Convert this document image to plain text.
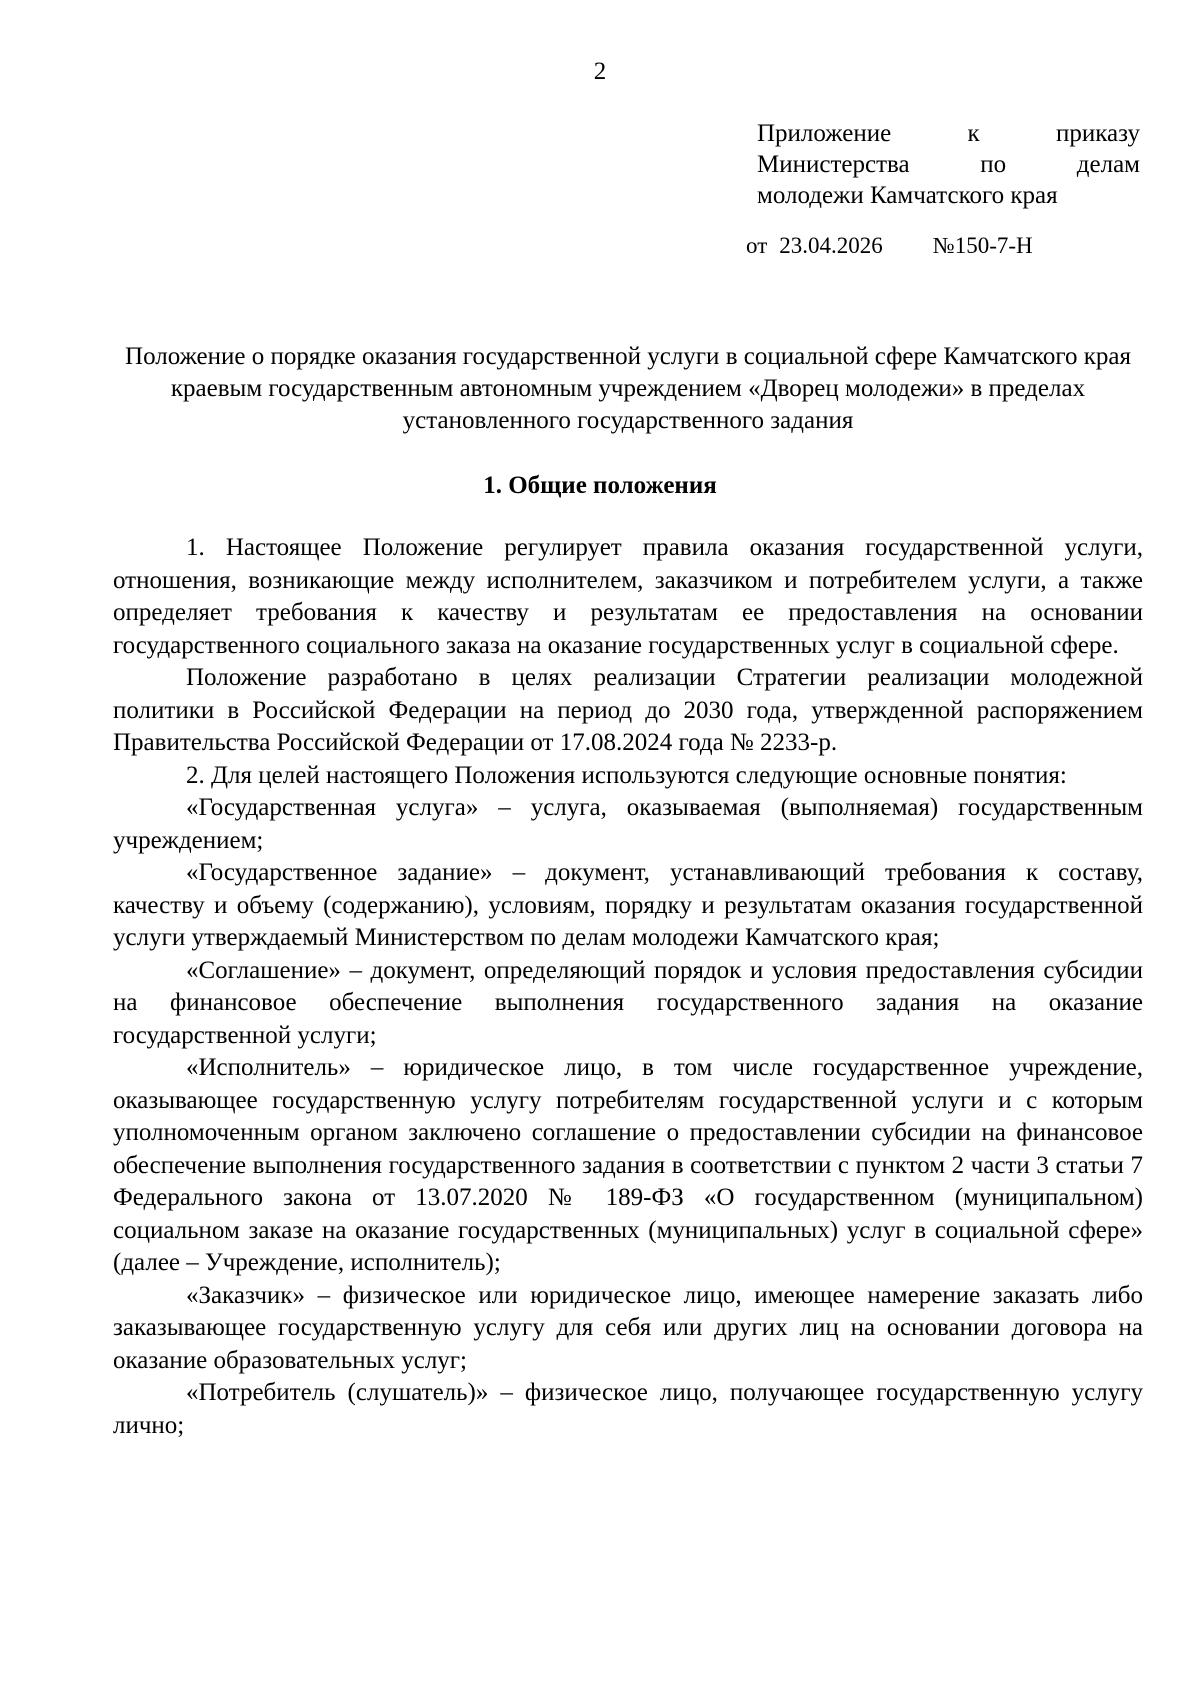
2
Приложение к приказу
Министерства по делам
молодежи Камчатского края
от 23.04.2026 №150-7-Н
Положение о порядке оказания государственной услуги в социальной сфере Камчатского края краевым государственным автономным учреждением «Дворец молодежи» в пределах установленного государственного задания
1. Общие положения

1. Настоящее Положение регулирует правила оказания государственной услуги, отношения, возникающие между исполнителем, заказчиком и потребителем услуги, а также определяет требования к качеству и результатам ее предоставления на основании государственного социального заказа на оказание государственных услуг в социальной сфере.

Положение разработано в целях реализации Стратегии реализации молодежной политики в Российской Федерации на период до 2030 года, утвержденной распоряжением Правительства Российской Федерации от 17.08.2024 года № 2233-р.

2. Для целей настоящего Положения используются следующие основные понятия:

«Государственная услуга» – услуга, оказываемая (выполняемая) государственным учреждением;

«Государственное задание» – документ, устанавливающий требования к составу, качеству и объему (содержанию), условиям, порядку и результатам оказания государственной услуги утверждаемый Министерством по делам молодежи Камчатского края;

«Соглашение» – документ, определяющий порядок и условия предоставления субсидии на финансовое обеспечение выполнения государственного задания на оказание государственной услуги;

«Исполнитель» – юридическое лицо, в том числе государственное учреждение, оказывающее государственную услугу потребителям государственной услуги и с которым уполномоченным органом заключено соглашение о предоставлении субсидии на финансовое обеспечение выполнения государственного задания в соответствии с пунктом 2 части 3 статьи 7 Федерального закона от 13.07.2020 № 189-ФЗ «О государственном (муниципальном) социальном заказе на оказание государственных (муниципальных) услуг в социальной сфере» (далее – Учреждение, исполнитель);

«Заказчик» – физическое или юридическое лицо, имеющее намерение заказать либо заказывающее государственную услугу для себя или других лиц на основании договора на оказание образовательных услуг;

«Потребитель (слушатель)» – физическое лицо, получающее государственную услугу лично;
